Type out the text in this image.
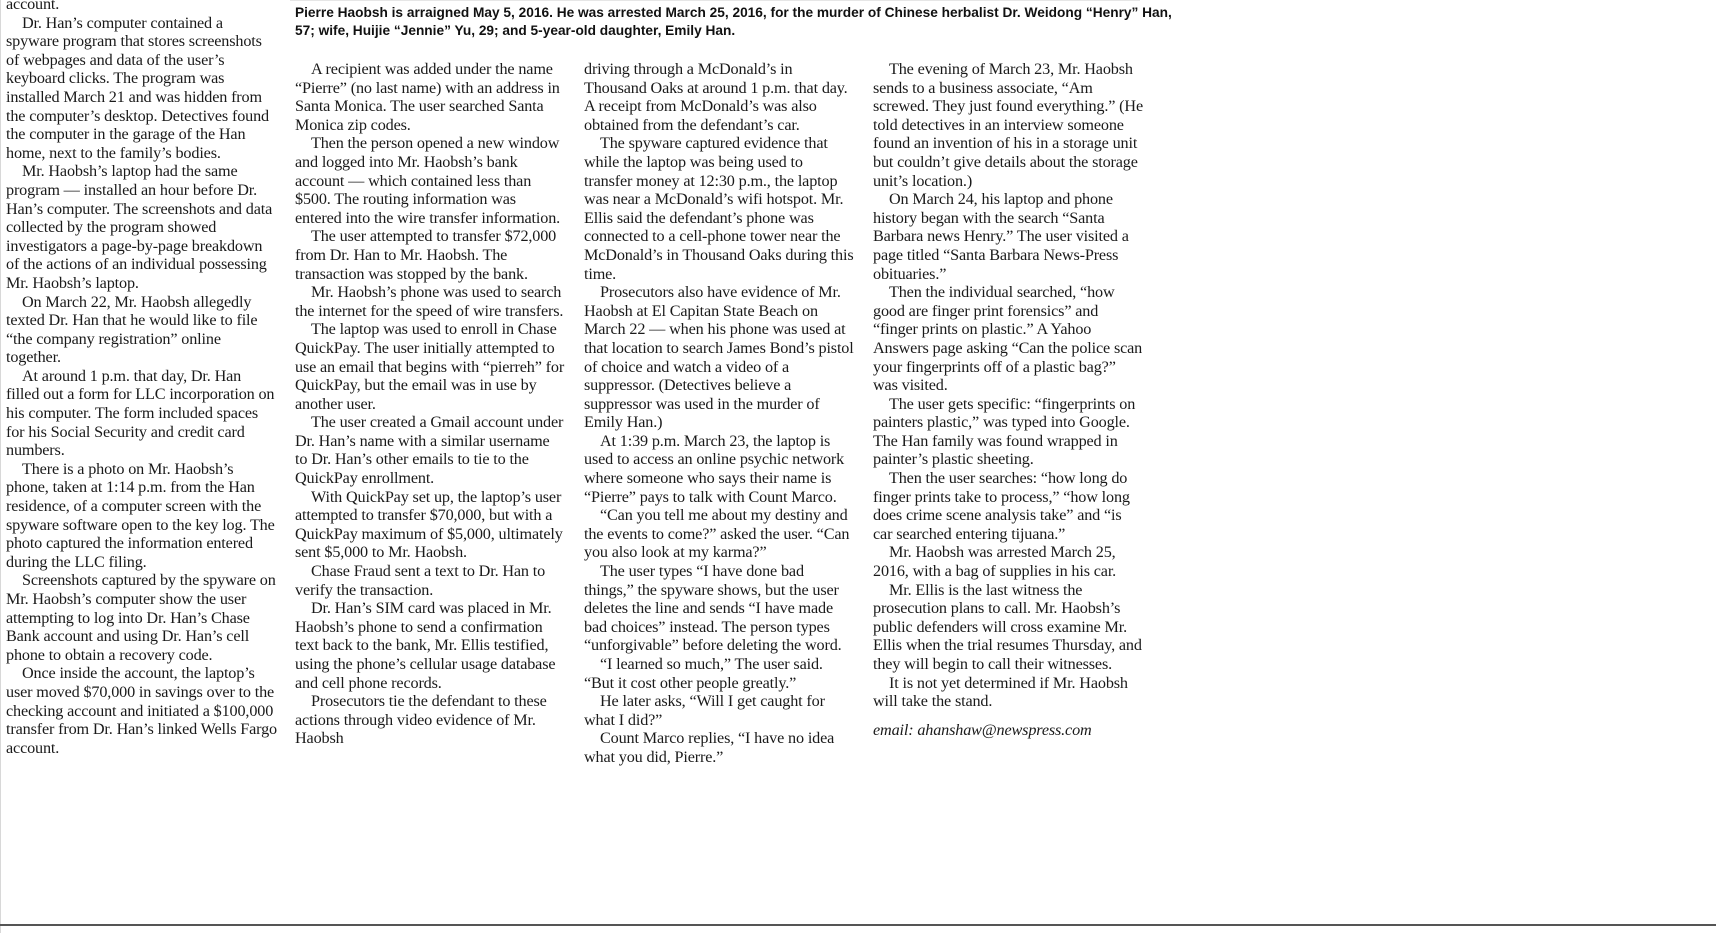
Pierre Haobsh is arraigned May 5, 2016. He was arrested March 25, 2016, for the murder of Chinese herbalist Dr. Weidong “Henry” Han, 57; wife, Huijie “Jennie” Yu, 29; and 5-year-old daughter, Emily Han.

account.

Dr. Han’s computer contained a spyware program that stores screenshots of webpages and data of the user’s keyboard clicks. The program was installed March 21 and was hidden from the computer’s desktop. Detectives found the computer in the garage of the Han home, next to the family’s bodies.

Mr. Haobsh’s laptop had the same program — installed an hour before Dr. Han’s computer. The screenshots and data collected by the program showed investigators a page-by-page breakdown of the actions of an individual possessing Mr. Haobsh’s laptop.

On March 22, Mr. Haobsh allegedly texted Dr. Han that he would like to file “the company registration” online together.

At around 1 p.m. that day, Dr. Han filled out a form for LLC incorporation on his computer. The form included spaces for his Social Security and credit card numbers.

There is a photo on Mr. Haobsh’s phone, taken at 1:14 p.m. from the Han residence, of a computer screen with the spyware software open to the key log. The photo captured the information entered during the LLC filing.

Screenshots captured by the spyware on Mr. Haobsh’s computer show the user attempting to log into Dr. Han’s Chase Bank account and using Dr. Han’s cell phone to obtain a recovery code.

Once inside the account, the laptop’s user moved $70,000 in savings over to the checking account and initiated a $100,000 transfer from Dr. Han’s linked Wells Fargo account.

A recipient was added under the name “Pierre” (no last name) with an address in Santa Monica. The user searched Santa Monica zip codes.

Then the person opened a new window and logged into Mr. Haobsh’s bank account — which contained less than $500. The routing information was entered into the wire transfer information.

The user attempted to transfer $72,000 from Dr. Han to Mr. Haobsh. The transaction was stopped by the bank.

Mr. Haobsh’s phone was used to search the internet for the speed of wire transfers.

The laptop was used to enroll in Chase QuickPay. The user initially attempted to use an email that begins with “pierreh” for QuickPay, but the email was in use by another user.

The user created a Gmail account under Dr. Han’s name with a similar username to Dr. Han’s other emails to tie to the QuickPay enrollment.

With QuickPay set up, the laptop’s user attempted to transfer $70,000, but with a QuickPay maximum of $5,000, ultimately sent $5,000 to Mr. Haobsh.

Chase Fraud sent a text to Dr. Han to verify the transaction.

Dr. Han’s SIM card was placed in Mr. Haobsh’s phone to send a confirmation text back to the bank, Mr. Ellis testified, using the phone’s cellular usage database and cell phone records.

Prosecutors tie the defendant to these actions through video evidence of Mr. Haobsh

driving through a McDonald’s in Thousand Oaks at around 1 p.m. that day. A receipt from McDonald’s was also obtained from the defendant’s car.

The spyware captured evidence that while the laptop was being used to transfer money at 12:30 p.m., the laptop was near a McDonald’s wifi hotspot. Mr. Ellis said the defendant’s phone was connected to a cell-phone tower near the McDonald’s in Thousand Oaks during this time.

Prosecutors also have evidence of Mr. Haobsh at El Capitan State Beach on March 22 — when his phone was used at that location to search James Bond’s pistol of choice and watch a video of a suppressor. (Detectives believe a suppressor was used in the murder of Emily Han.)

At 1:39 p.m. March 23, the laptop is used to access an online psychic network where someone who says their name is “Pierre” pays to talk with Count Marco.

“Can you tell me about my destiny and the events to come?” asked the user. “Can you also look at my karma?”

The user types “I have done bad things,” the spyware shows, but the user deletes the line and sends “I have made bad choices” instead. The person types “unforgivable” before deleting the word.

“I learned so much,” The user said. “But it cost other people greatly.”

He later asks, “Will I get caught for what I did?”

Count Marco replies, “I have no idea what you did, Pierre.”

The evening of March 23, Mr. Haobsh sends to a business associate, “Am screwed. They just found everything.” (He told detectives in an interview someone found an invention of his in a storage unit but couldn’t give details about the storage unit’s location.)

On March 24, his laptop and phone history began with the search “Santa Barbara news Henry.” The user visited a page titled “Santa Barbara News-Press obituaries.”

Then the individual searched, “how good are finger print forensics” and “finger prints on plastic.” A Yahoo Answers page asking “Can the police scan your fingerprints off of a plastic bag?” was visited.

The user gets specific: “fingerprints on painters plastic,” was typed into Google. The Han family was found wrapped in painter’s plastic sheeting.

Then the user searches: “how long do finger prints take to process,” “how long does crime scene analysis take” and “is car searched entering tijuana.”

Mr. Haobsh was arrested March 25, 2016, with a bag of supplies in his car.

Mr. Ellis is the last witness the prosecution plans to call. Mr. Haobsh’s public defenders will cross examine Mr. Ellis when the trial resumes Thursday, and they will begin to call their witnesses.

It is not yet determined if Mr. Haobsh will take the stand.

email: ahanshaw@newspress.com
